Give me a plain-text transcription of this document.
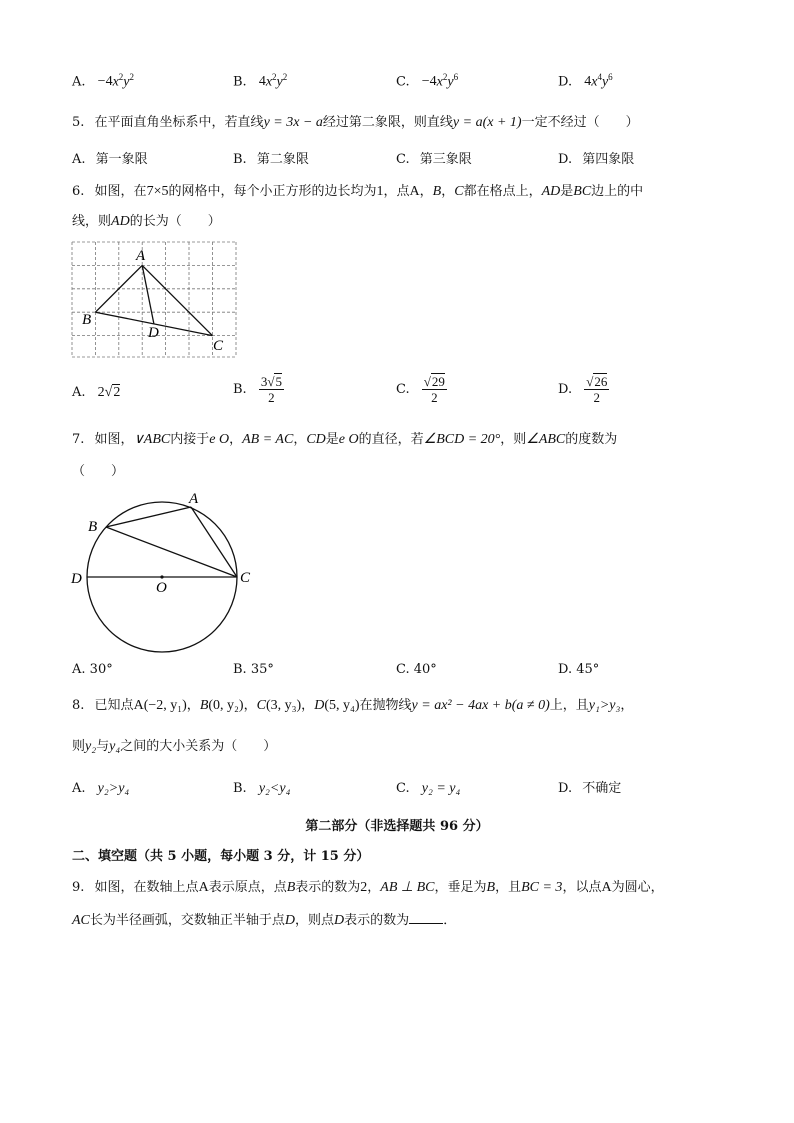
A. $-4x^2y^2$	B. $4x^2y^2$	C. $-4x^2y^6$	D. $4x^4y^6$
5. 在平面直角坐标系中，若直线y = 3x − a经过第二象限，则直线y = a(x + 1)一定不经过（　　）
A. 第一象限	B. 第二象限	C. 第三象限	D. 第四象限
6. 如图，在7×5的网格中，每个小正方形的边长均为1，点A，B，C都在格点上，AD是BC边上的中
线，则AD的长为（　　）
A
B
D
C
A. 2√2	B. $\frac{3√5}{2}$	C. $\frac{√29}{2}$	D. $\frac{√26}{2}$
7. 如图，∨ABC内接于e O，AB = AC，CD是e O的直径，若∠BCD = 20°，则∠ABC的度数为
（　　）
A
B
D	C
O
A. 30°	B. 35°	C. 40°	D. 45°
8. 已知点A(−2, y₁)，B(0, y₂)，C(3, y₃)，D(5, y₄)在抛物线y = ax² − 4ax + b(a ≠ 0)上，且y₁>y₃，
则y₂与y₄之间的大小关系为（　　）
A. y₂>y₄	B. y₂<y₄	C. y₂ = y₄	D. 不确定
第二部分（非选择题共 96 分）
二、填空题（共 5 小题，每小题 3 分，计 15 分）
9. 如图，在数轴上点A表示原点，点B表示的数为2，AB ⊥ BC，垂足为B，且BC = 3，以点A为圆心，
AC长为半径画弧，交数轴正半轴于点D，则点D表示的数为	．
